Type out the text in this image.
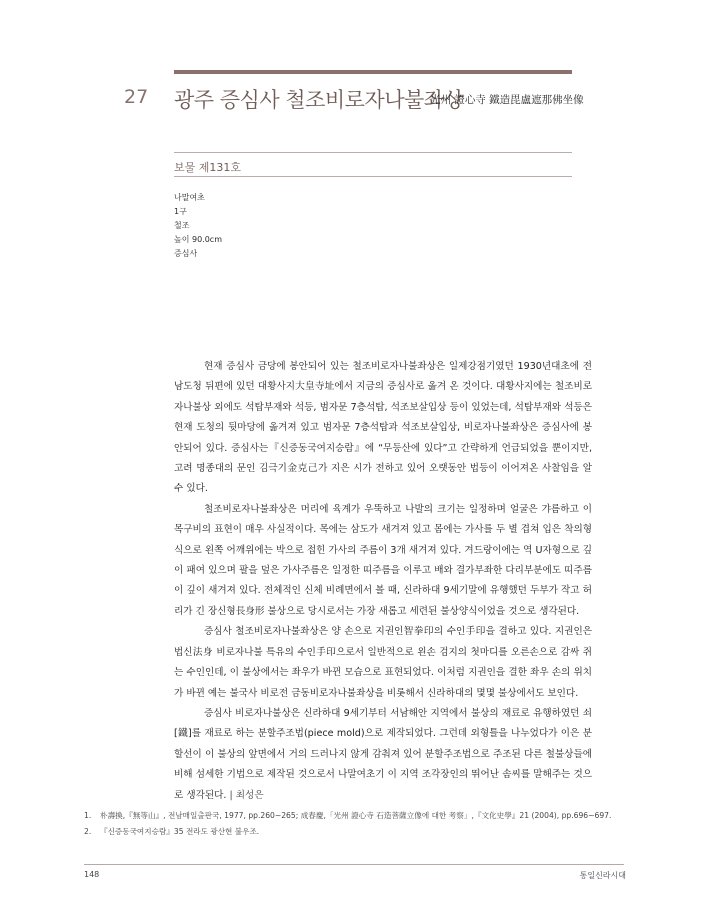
27 광주 증심사 철조비로자나불좌상
光州 證心寺 鐵造毘盧遮那佛坐像
보물 제131호
나말여초
1구
철조
높이 90.0cm
증심사

현재 증심사 금당에 봉안되어 있는 철조비로자나불좌상은 일제강점기였던 1930년대초에 전남도청 뒤편에 있던 대황사지大皇寺址에서 지금의 증심사로 옮겨 온 것이다. 대황사지에는 철조비로자나불상 외에도 석탑부재와 석등, 범자문 7층석탑, 석조보살입상 등이 있었는데, 석탑부재와 석등은 현재 도청의 뒷마당에 옮겨져 있고 범자문 7층석탑과 석조보살입상, 비로자나불좌상은 증심사에 봉안되어 있다. 증심사는『신증동국여지승람』에 “무등산에 있다”고 간략하게 언급되었을 뿐이지만, 고려 명종대의 문인 김극기金克己가 지은 시가 전하고 있어 오랫동안 법등이 이어져온 사찰임을 알 수 있다.

철조비로자나불좌상은 머리에 육계가 우뚝하고 나발의 크기는 일정하며 얼굴은 갸름하고 이목구비의 표현이 매우 사실적이다. 목에는 삼도가 새겨져 있고 몸에는 가사를 두 별 겹쳐 입은 착의형식으로 왼쪽 어깨위에는 박으로 접힌 가사의 주름이 3개 새겨져 있다. 겨드랑이에는 역 U자형으로 깊이 패여 있으며 팔을 덮은 가사주름은 일정한 띠주름을 이루고 배와 결가부좌한 다리부분에도 띠주름이 깊이 새겨져 있다. 전체적인 신체 비례면에서 볼 때, 신라하대 9세기말에 유행했던 두부가 작고 허리가 긴 장신형長身形 불상으로 당시로서는 가장 새롭고 세련된 불상양식이었을 것으로 생각된다.

증심사 철조비로자나불좌상은 양 손으로 지권인智拳印의 수인手印을 결하고 있다. 지권인은 법신法身 비로자나불 특유의 수인手印으로서 일반적으로 왼손 검지의 첫마디를 오른손으로 감싸 쥐는 수인인데, 이 불상에서는 좌우가 바뀐 모습으로 표현되었다. 이처럼 지권인을 결한 좌우 손의 위치가 바뀐 예는 불국사 비로전 금동비로자나불좌상을 비롯해서 신라하대의 몇몇 불상에서도 보인다.

증심사 비로자나불상은 신라하대 9세기부터 서남해안 지역에서 불상의 재료로 유행하였던 쇠[鐵]를 재료로 하는 분할주조법(piece mold)으로 제작되었다. 그런데 외형틀을 나누었다가 이은 분할선이 이 불상의 앞면에서 거의 드러나지 않게 감춰져 있어 분할주조법으로 주조된 다른 철불상들에 비해 섬세한 기법으로 제작된 것으로서 나말여초기 이 지역 조각장인의 뛰어난 솜씨를 말해주는 것으로 생각된다. | 최성은

1. 朴壽換,『無等山』, 전남매일출판국, 1977, pp.260~265; 成春慶,「光州 證心寺 石造菩薩立像에 대한 考察」,『文化史學』21 (2004), pp.696~697.
2. 『신증동국여지승람』35 전라도 광산현 불우조.
148	통일신라시대
